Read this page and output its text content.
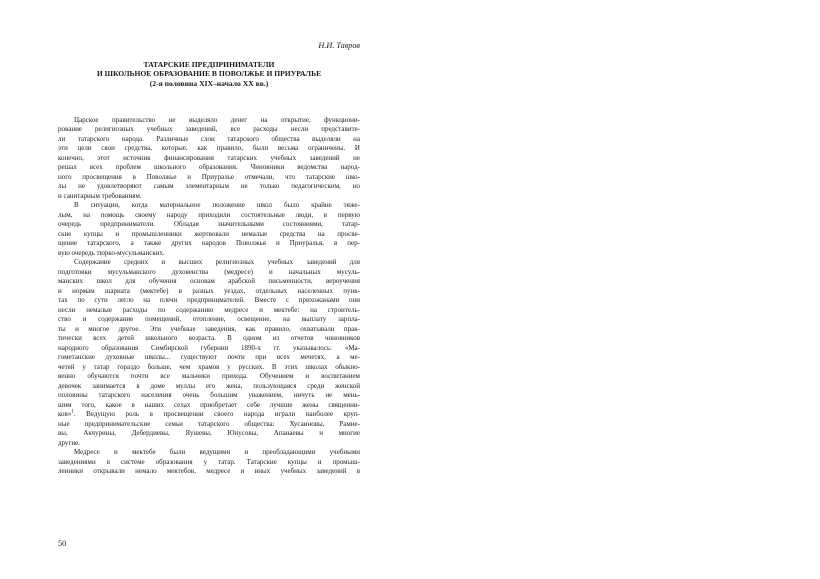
Н.И. Тавров
ТАТАРСКИЕ ПРЕДПРИНИМАТЕЛИ
И ШКОЛЬНОЕ ОБРАЗОВАНИЕ В ПОВОЛЖЬЕ И ПРИУРАЛЬЕ
(2-я половина XIX–начало XX вв.)
Царское правительство не выделяло денег на открытие, функциони-
рование религиозных учебных заведений, все расходы несли представите-
ли татарского народа. Различные слои татарского общества выделяли на
эти цели свои средства, которые, как правило, были весьма ограничены. И
конечно, этот источник финансирования татарских учебных заведений не
решал всех проблем школьного образования. Чиновники ведомства народ-
ного просвещения в Поволжье и Приуралье отмечали, что татарские шко-
лы не удовлетворяют самым элементарным не только педагогическим, но
и санитарным требованиям.
В ситуации, когда материальное положение школ было крайне тяже-
лым, на помощь своему народу приходили состоятельные люди, в первую
очередь предприниматели. Обладая значительными состояниями, татар-
ские купцы и промышленники жертвовали немалые средства на просве-
щение татарского, а также других народов Поволжья и Приуралья, в пер-
вую очередь тюрко-мусульманских.
Содержание средних и высших религиозных учебных заведений для
подготовки мусульманского духовенства (медресе) и начальных мусуль-
манских школ для обучения основам арабской письменности, вероучения
и нормам шариата (мектебе) в разных уездах, отдельных населенных пунк-
тах по сути легло на плечи предпринимателей. Вместе с прихожанами они
несли немалые расходы по содержанию медресе и мектебе: на строитель-
ство и содержание помещений, отопление, освещение, на выплату зарпла-
ты и многое другое. Эти учебные заведения, как правило, охватывали прак-
тически всех детей школьного возраста. В одном из отчетов чиновников
народного образования Симбирской губернии 1890-х гг. указывалось: «Ма-
гометанские духовные школы... существуют почти при всех мечетях, а ме-
четей у татар гораздо больше, чем храмов у русских. В этих школах обыкно-
венно обучаются почти все мальчики прихода. Обучением и воспитанием
девочек занимается в доме муллы его жена, пользующаяся среди женской
половины татарского населения очень большим уважением, ничуть не мень-
шим того, какое в наших селах приобретает себе лучшие жены священни-
ков»$^1$. Ведущую роль в просвещении своего народа играли наиболее круп-
ные предпринимательские семьи татарского общества: Хусаиновы, Рамие-
вы, Акчурины, Дебердиевы, Яушевы, Юнусовы, Апанаевы и многие
другие.
Медресе и мектебе были ведущими и преобладающими учебными
заведениями в системе образования у татар. Татарские купцы и промыш-
ленники открывали немало мектебов, медресе и иных учебных заведений в
50
